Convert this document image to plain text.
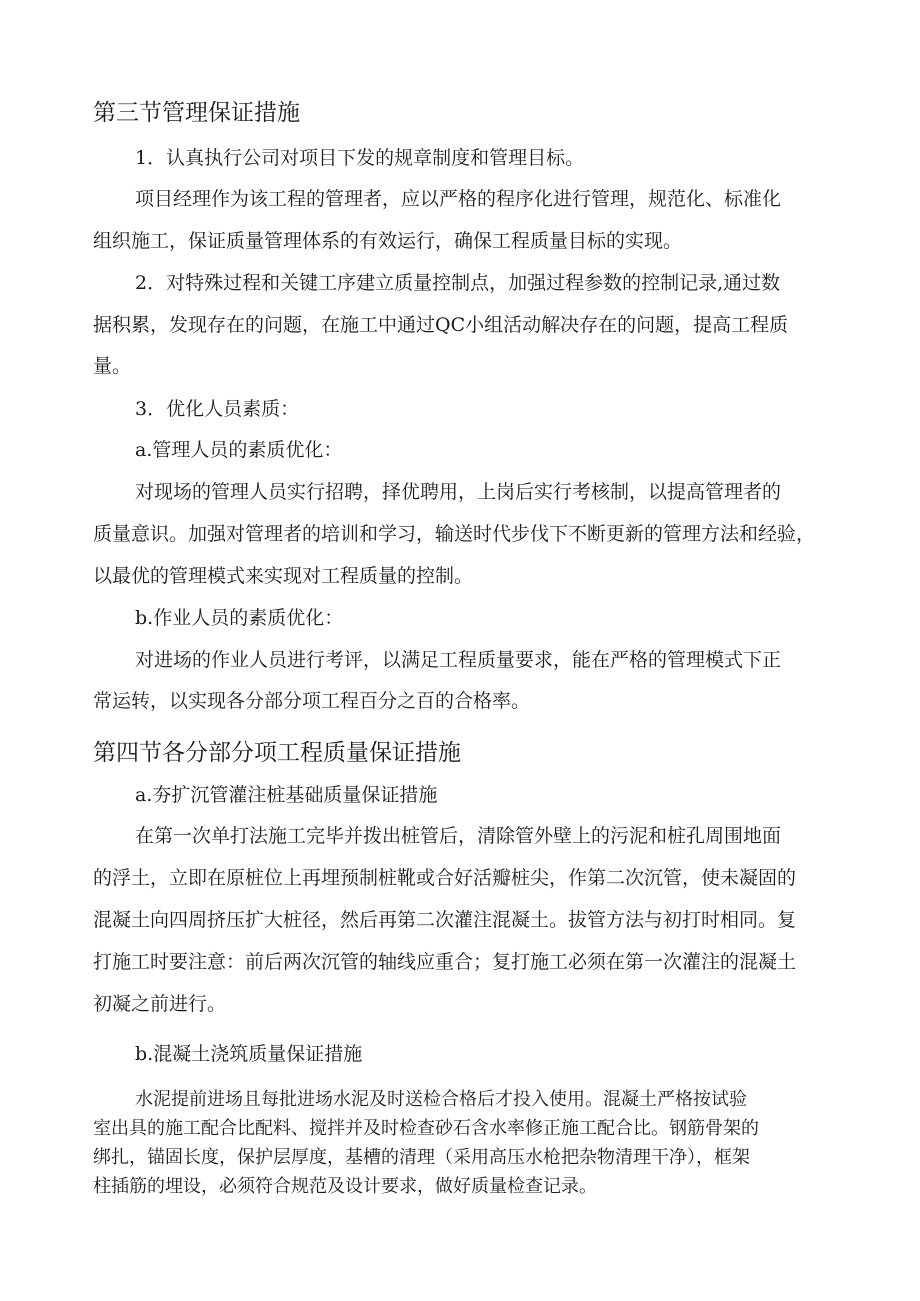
第三节管理保证措施
1．认真执行公司对项目下发的规章制度和管理目标。
项目经理作为该工程的管理者，应以严格的程序化进行管理，规范化、标准化
组织施工，保证质量管理体系的有效运行，确保工程质量目标的实现。
2．对特殊过程和关键工序建立质量控制点，加强过程参数的控制记录,通过数
据积累，发现存在的问题，在施工中通过QC小组活动解决存在的问题，提高工程质
量。
3．优化人员素质：
a.管理人员的素质优化：
对现场的管理人员实行招聘，择优聘用，上岗后实行考核制，以提高管理者的
质量意识。加强对管理者的培训和学习，输送时代步伐下不断更新的管理方法和经验，
以最优的管理模式来实现对工程质量的控制。
b.作业人员的素质优化：
对进场的作业人员进行考评，以满足工程质量要求，能在严格的管理模式下正
常运转，以实现各分部分项工程百分之百的合格率。
第四节各分部分项工程质量保证措施
a.夯扩沉管灌注桩基础质量保证措施
在第一次单打法施工完毕并拨出桩管后，清除管外壁上的污泥和桩孔周围地面
的浮土，立即在原桩位上再埋预制桩靴或合好活瓣桩尖，作第二次沉管，使未凝固的
混凝土向四周挤压扩大桩径，然后再第二次灌注混凝土。拔管方法与初打时相同。复
打施工时要注意：前后两次沉管的轴线应重合；复打施工必须在第一次灌注的混凝土
初凝之前进行。
b.混凝土浇筑质量保证措施
水泥提前进场且每批进场水泥及时送检合格后才投入使用。混凝土严格按试验
室出具的施工配合比配料、搅拌并及时检查砂石含水率修正施工配合比。钢筋骨架的
绑扎，锚固长度，保护层厚度，基槽的清理（采用高压水枪把杂物清理干净），框架
柱插筋的埋设，必须符合规范及设计要求，做好质量检查记录。
